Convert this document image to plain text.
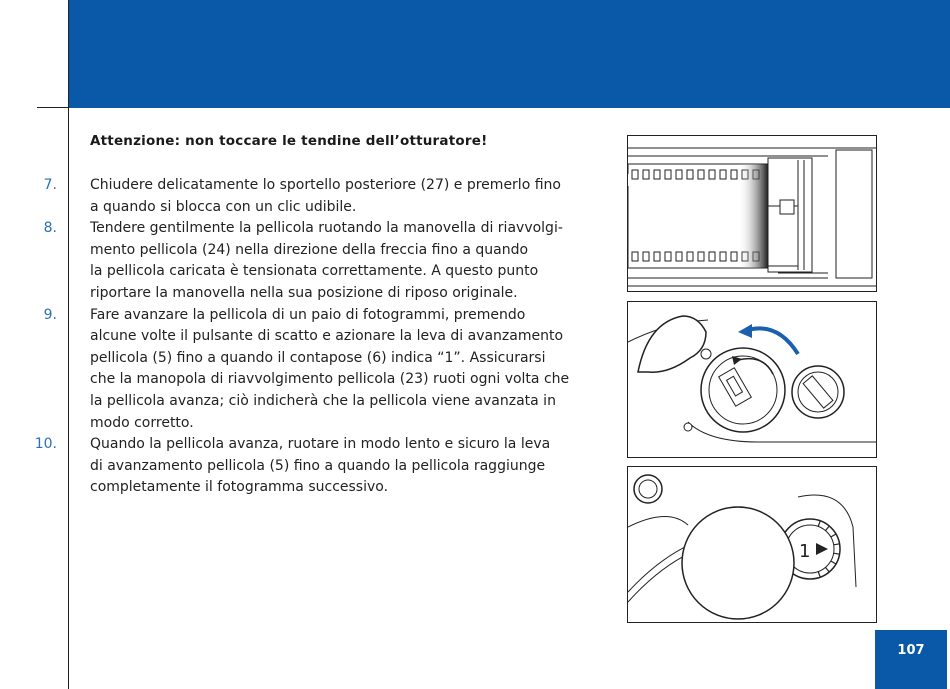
Attenzione: non toccare le tendine dell’otturatore!

7. Chiudere delicatamente lo sportello posteriore (27) e premerlo fino
a quando si blocca con un clic udibile.
8. Tendere gentilmente la pellicola ruotando la manovella di riavvolgi-
mento pellicola (24) nella direzione della freccia fino a quando
la pellicola caricata è tensionata correttamente. A questo punto
riportare la manovella nella sua posizione di riposo originale.
9. Fare avanzare la pellicola di un paio di fotogrammi, premendo
alcune volte il pulsante di scatto e azionare la leva di avanzamento
pellicola (5) fino a quando il contapose (6) indica “1”. Assicurarsi
che la manopola di riavvolgimento pellicola (23) ruoti ogni volta che
la pellicola avanza; ciò indicherà che la pellicola viene avanzata in
modo corretto.
10. Quando la pellicola avanza, ruotare in modo lento e sicuro la leva
di avanzamento pellicola (5) fino a quando la pellicola raggiunge
completamente il fotogramma successivo.
1
107
